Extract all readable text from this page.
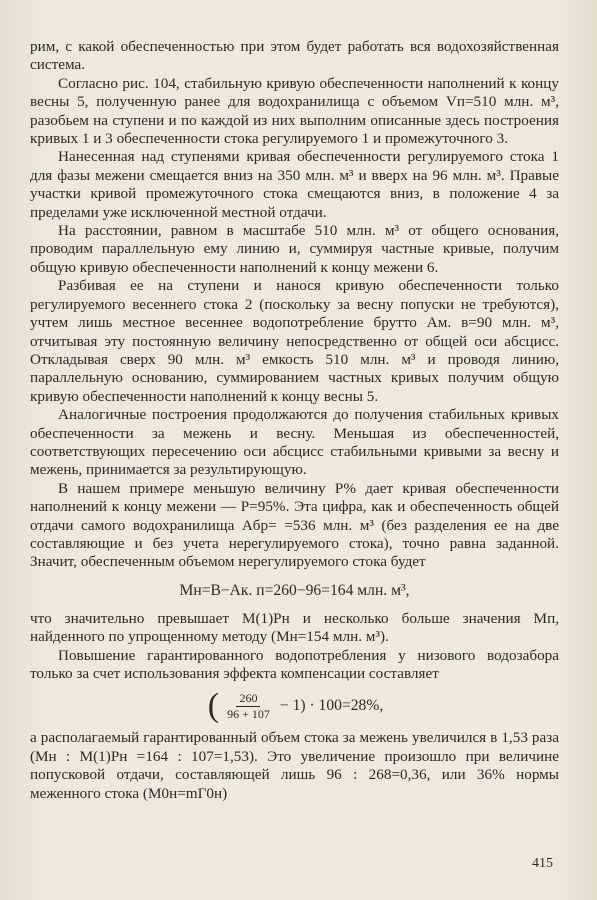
рим, с какой обеспеченностью при этом будет работать вся водохозяйственная система.

Согласно рис. 104, стабильную кривую обеспеченности наполнений к концу весны 5, полученную ранее для водохранилища с объемом Vп=510 млн. м³, разобьем на ступени и по каждой из них выполним описанные здесь построения кривых 1 и 3 обеспеченности стока регулируемого 1 и промежуточного 3.

Нанесенная над ступенями кривая обеспеченности регулируемого стока 1 для фазы межени смещается вниз на 350 млн. м³ и вверх на 96 млн. м³. Правые участки кривой промежуточного стока смещаются вниз, в положение 4 за пределами уже исключенной местной отдачи.

На расстоянии, равном в масштабе 510 млн. м³ от общего основания, проводим параллельную ему линию и, суммируя частные кривые, получим общую кривую обеспеченности наполнений к концу межени 6.

Разбивая ее на ступени и нанося кривую обеспеченности только регулируемого весеннего стока 2 (поскольку за весну попуски не требуются), учтем лишь местное весеннее водопотребление брутто Aм. в=90 млн. м³, отчитывая эту постоянную величину непосредственно от общей оси абсцисс. Откладывая сверх 90 млн. м³ емкость 510 млн. м³ и проводя линию, параллельную основанию, суммированием частных кривых получим общую кривую обеспеченности наполнений к концу весны 5.

Аналогичные построения продолжаются до получения стабильных кривых обеспеченности за межень и весну. Меньшая из обеспеченностей, соответствующих пересечению оси абсцисс стабильными кривыми за весну и межень, принимается за результирующую.

В нашем примере меньшую величину P% дает кривая обеспеченности наполнений к концу межени — P=95%. Эта цифра, как и обеспеченность общей отдачи самого водохранилища Aбр= =536 млн. м³ (без разделения ее на две составляющие и без учета нерегулируемого стока), точно равна заданной. Значит, обеспеченным объемом нерегулируемого стока будет

Mн=B−Aк. п=260−96=164 млн. м³,

что значительно превышает M(1)Pн и несколько больше значения Mп, найденного по упрощенному методу (Mн=154 млн. м³).

Повышение гарантированного водопотребления у низового водозабора только за счет использования эффекта компенсации составляет

( $\frac{260}{96 + 107} - 1) \cdot 100=28\%$,

а располагаемый гарантированный объем стока за межень увеличился в 1,53 раза (Mн : M(1)Pн =164 : 107=1,53). Это увеличение произошло при величине попусковой отдачи, составляющей лишь 96 : 268=0,36, или 36% нормы меженного стока (M0н=mΓ0н)

415
